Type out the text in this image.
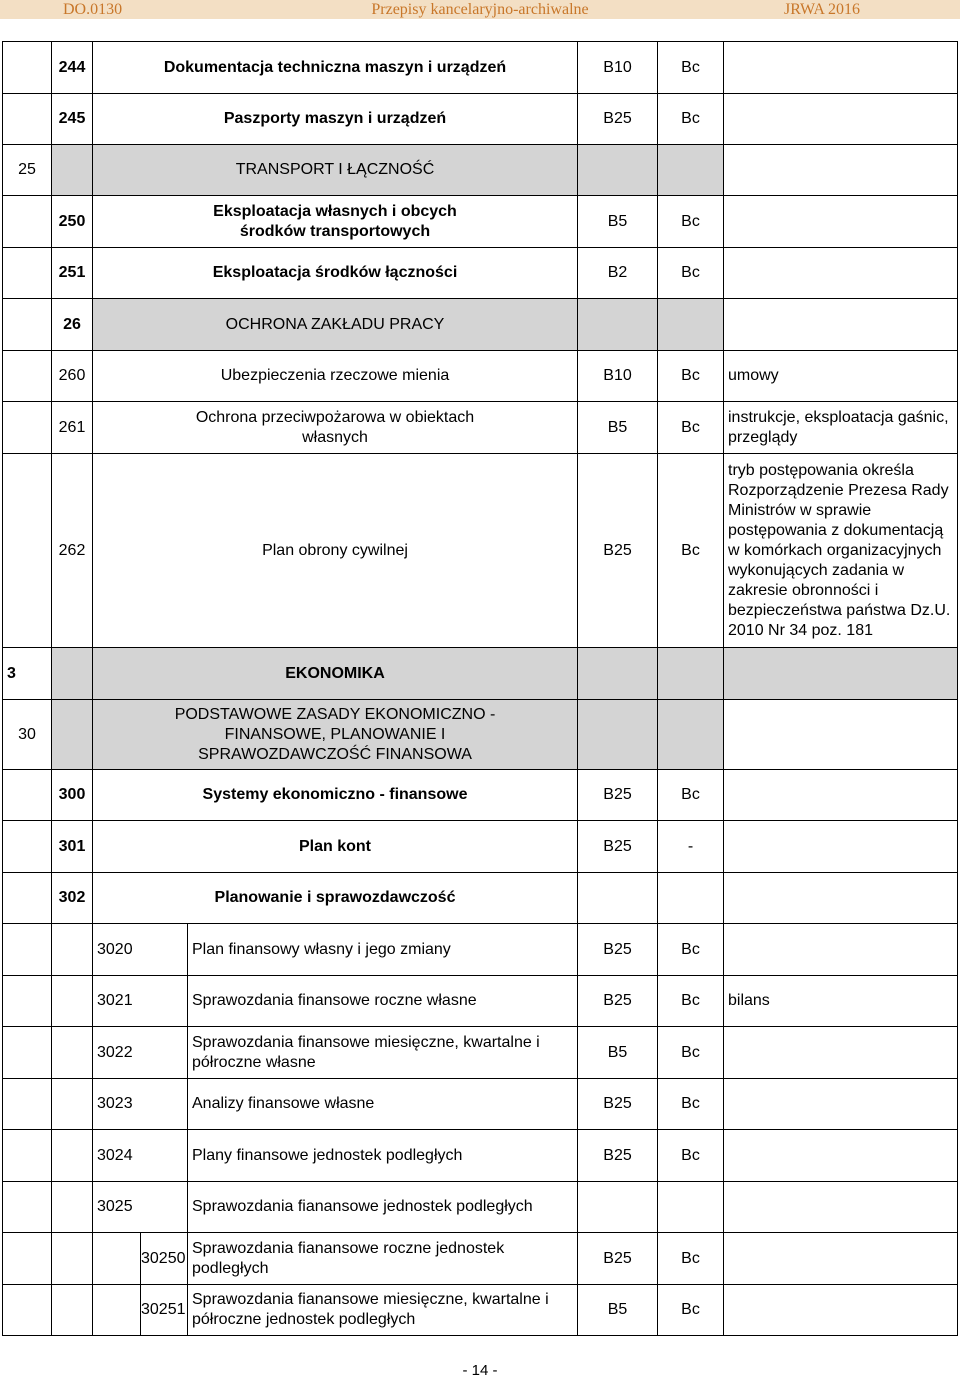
DO.0130	Przepisy kancelaryjno-archiwalne	JRWA 2016
	244	Dokumentacja techniczna maszyn i urządzeń			B10	Bc	
	245	Paszporty maszyn i urządzeń			B25	Bc	
25		TRANSPORT I ŁĄCZNOŚĆ					
	250	Eksploatacja własnych i obcych środków transportowych			B5	Bc	
	251	Eksploatacja środków łączności			B2	Bc	
	26	OCHRONA ZAKŁADU PRACY					
	260	Ubezpieczenia rzeczowe mienia			B10	Bc	umowy
	261	Ochrona przeciwpożarowa w obiektach własnych			B5	Bc	instrukcje, eksploatacja gaśnic, przeglądy
	262	Plan obrony cywilnej			B25	Bc	tryb postępowania określa Rozporządzenie Prezesa Rady Ministrów w sprawie postępowania z dokumentacją w komórkach organizacyjnych wykonujących zadania w zakresie obronności i bezpieczeństwa państwa Dz.U. 2010 Nr 34 poz. 181
3		EKONOMIKA					
30		PODSTAWOWE ZASADY EKONOMICZNO - FINANSOWE, PLANOWANIE I SPRAWOZDAWCZOŚĆ FINANSOWA					
	300	Systemy ekonomiczno - finansowe			B25	Bc	
	301	Plan kont			B25	-	
	302	Planowanie i sprawozdawczość					
		3020		Plan finansowy własny i jego zmiany	B25	Bc	
		3021		Sprawozdania finansowe roczne własne	B25	Bc	bilans
		3022		Sprawozdania finansowe miesięczne, kwartalne i półroczne własne	B5	Bc	
		3023		Analizy finansowe własne	B25	Bc	
		3024		Plany finansowe jednostek podległych	B25	Bc	
		3025		Sprawozdania fianansowe jednostek podległych			
			30250	Sprawozdania fianansowe roczne jednostek podległych	B25	Bc	
			30251	Sprawozdania fianansowe miesięczne, kwartalne i półroczne jednostek podległych	B5	Bc	
- 14 -
